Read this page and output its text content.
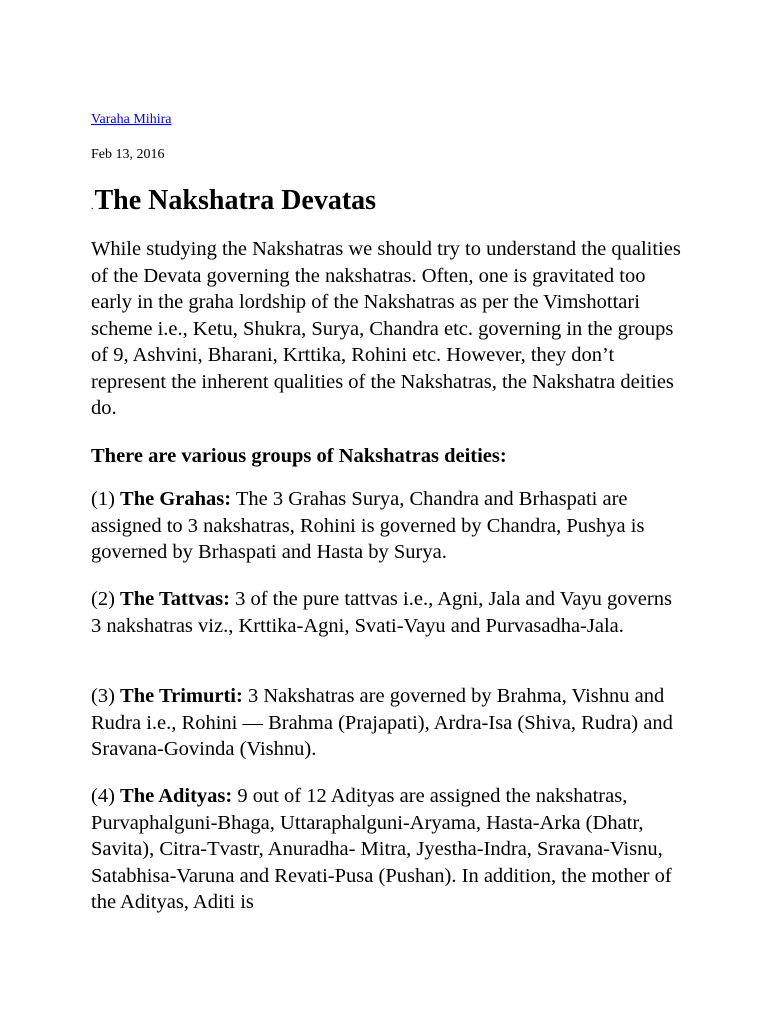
Varaha Mihira
Feb 13, 2016
.The Nakshatra Devatas

While studying the Nakshatras we should try to understand the qualities of the Devata governing the nakshatras. Often, one is gravitated too early in the graha lordship of the Nakshatras as per the Vimshottari scheme i.e., Ketu, Shukra, Surya, Chandra etc. governing in the groups of 9, Ashvini, Bharani, Krttika, Rohini etc. However, they don’t represent the inherent qualities of the Nakshatras, the Nakshatra deities do.

There are various groups of Nakshatras deities:

(1) The Grahas: The 3 Grahas Surya, Chandra and Brhaspati are assigned to 3 nakshatras, Rohini is governed by Chandra, Pushya is governed by Brhaspati and Hasta by Surya.

(2) The Tattvas: 3 of the pure tattvas i.e., Agni, Jala and Vayu governs 3 nakshatras viz., Krttika-Agni, Svati-Vayu and Purvasadha-Jala.

(3) The Trimurti: 3 Nakshatras are governed by Brahma, Vishnu and Rudra i.e., Rohini — Brahma (Prajapati), Ardra-Isa (Shiva, Rudra) and Sravana-Govinda (Vishnu).

(4) The Adityas: 9 out of 12 Adityas are assigned the nakshatras, Purvaphalguni-Bhaga, Uttaraphalguni-Aryama, Hasta-Arka (Dhatr, Savita), Citra-Tvastr, Anuradha- Mitra, Jyestha-Indra, Sravana-Visnu, Satabhisa-Varuna and Revati-Pusa (Pushan). In addition, the mother of the Adityas, Aditi is
